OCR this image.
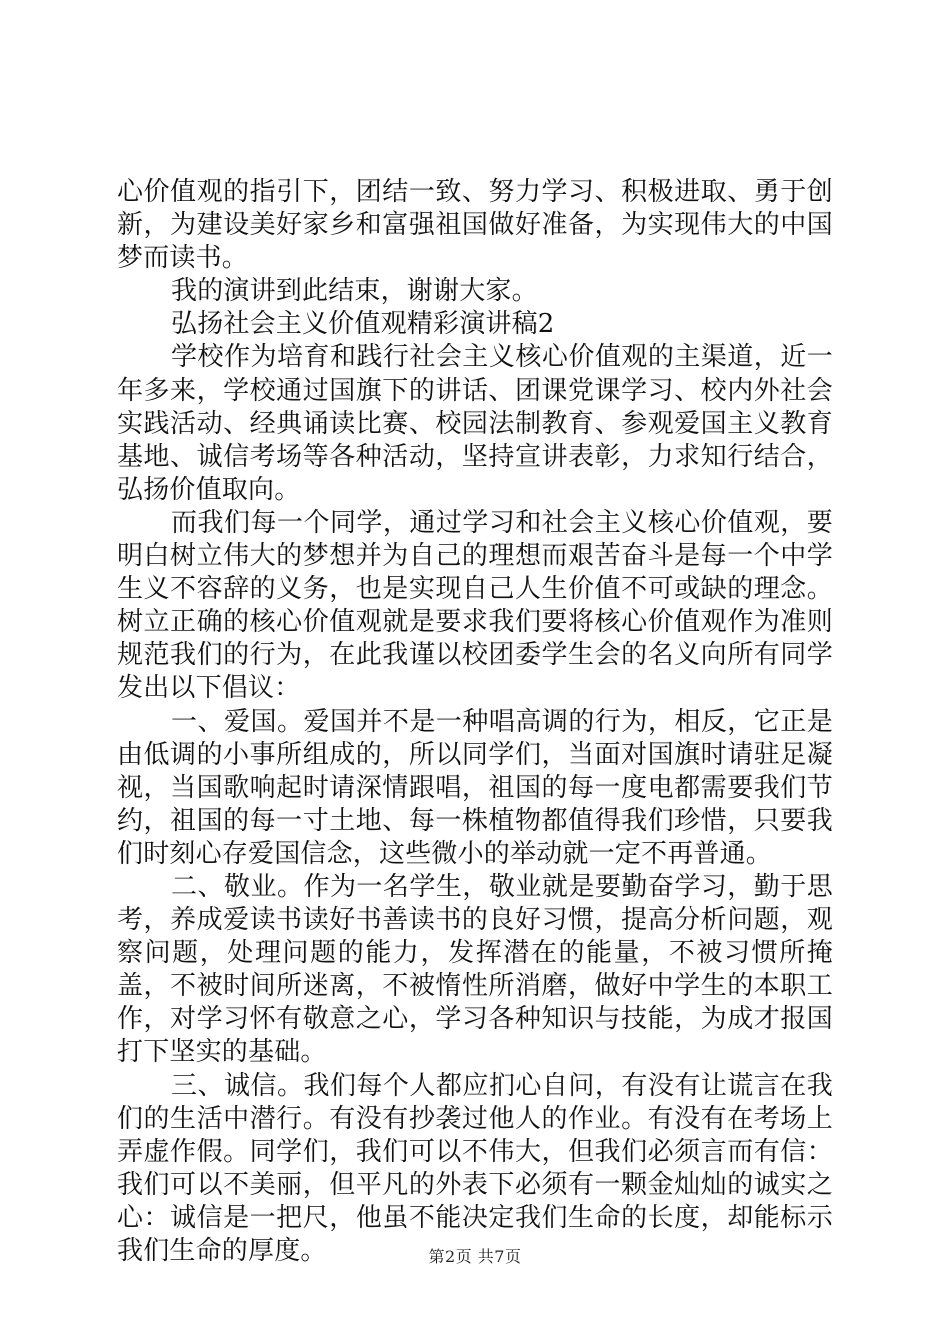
心价值观的指引下，团结一致、努力学习、积极进取、勇于创新，为建设美好家乡和富强祖国做好准备，为实现伟大的中国梦而读书。

我的演讲到此结束，谢谢大家。

弘扬社会主义价值观精彩演讲稿2

学校作为培育和践行社会主义核心价值观的主渠道，近一年多来，学校通过国旗下的讲话、团课党课学习、校内外社会实践活动、经典诵读比赛、校园法制教育、参观爱国主义教育基地、诚信考场等各种活动，坚持宣讲表彰，力求知行结合，弘扬价值取向。

而我们每一个同学，通过学习和社会主义核心价值观，要明白树立伟大的梦想并为自己的理想而艰苦奋斗是每一个中学生义不容辞的义务，也是实现自己人生价值不可或缺的理念。树立正确的核心价值观就是要求我们要将核心价值观作为准则规范我们的行为，在此我谨以校团委学生会的名义向所有同学发出以下倡议：

一、爱国。爱国并不是一种唱高调的行为，相反，它正是由低调的小事所组成的，所以同学们，当面对国旗时请驻足凝视，当国歌响起时请深情跟唱，祖国的每一度电都需要我们节约，祖国的每一寸土地、每一株植物都值得我们珍惜，只要我们时刻心存爱国信念，这些微小的举动就一定不再普通。

二、敬业。作为一名学生，敬业就是要勤奋学习，勤于思考，养成爱读书读好书善读书的良好习惯，提高分析问题，观察问题，处理问题的能力，发挥潜在的能量，不被习惯所掩盖，不被时间所迷离，不被惰性所消磨，做好中学生的本职工作，对学习怀有敬意之心，学习各种知识与技能，为成才报国打下坚实的基础。

三、诚信。我们每个人都应扪心自问，有没有让谎言在我们的生活中潜行。有没有抄袭过他人的作业。有没有在考场上弄虚作假。同学们，我们可以不伟大，但我们必须言而有信：我们可以不美丽，但平凡的外表下必须有一颗金灿灿的诚实之心：诚信是一把尺，他虽不能决定我们生命的长度，却能标示我们生命的厚度。	第2页 共7页
